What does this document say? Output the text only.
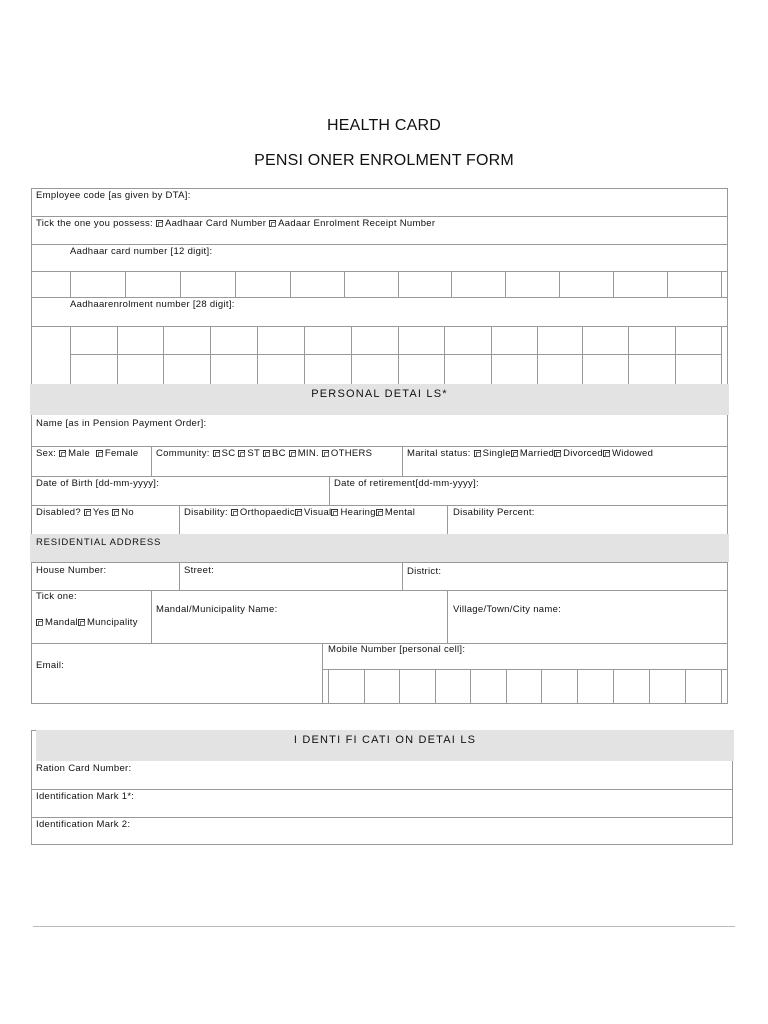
HEALTH CARD
PENSI ONER ENROLMENT FORM
Employee code [as given by DTA]:
Tick the one you possess: Aadhaar Card Number Aadaar Enrolment Receipt Number
Aadhaar card number [12 digit]:
Aadhaarenrolment number [28 digit]:
PERSONAL DETAI LS*
Name [as in Pension Payment Order]:
Sex: Male Female Community: SC ST BC MIN. OTHERS	Marital status: Single Married Divorced Widowed
Date of Birth [dd-mm-yyyy]:	Date of retirement[dd-mm-yyyy]:
Disabled? Yes No	Disability: Orthopaedic Visual Hearing Mental	Disability Percent:
RESIDENTIAL ADDRESS
House Number:	Street:	District:
Tick one:
Mandal Muncipality
Mandal/Municipality Name:	Village/Town/City name:
Mobile Number [personal cell]:
Email:
I DENTI FI CATI ON DETAI LS
Ration Card Number:
Identification Mark 1*:
Identification Mark 2:
